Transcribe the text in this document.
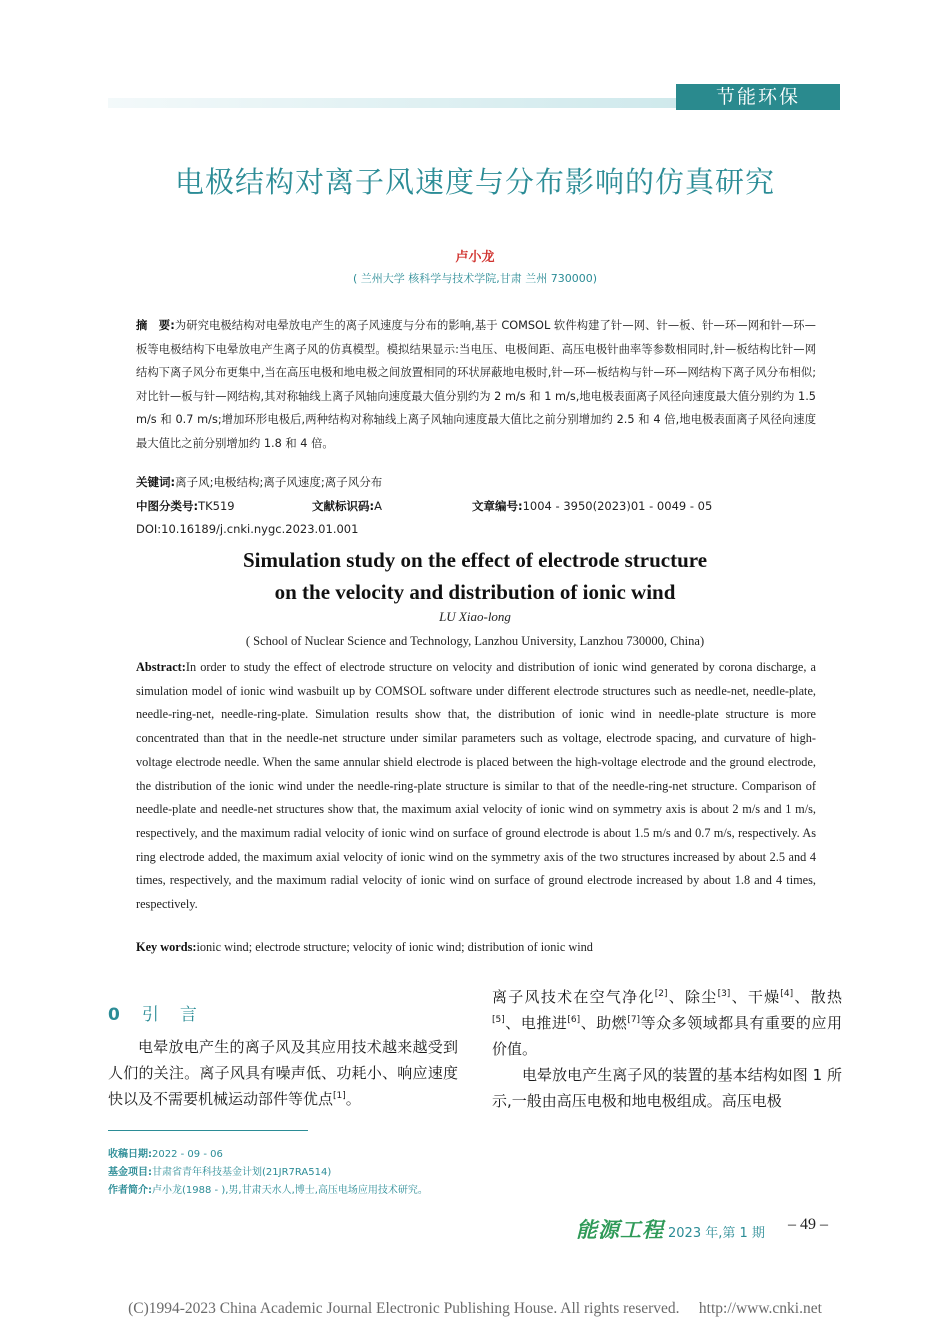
节能环保
电极结构对离子风速度与分布影响的仿真研究
卢小龙
( 兰州大学 核科学与技术学院,甘肃 兰州 730000)
摘　要:为研究电极结构对电晕放电产生的离子风速度与分布的影响,基于 COMSOL 软件构建了针—网、针—板、针—环—网和针—环—板等电极结构下电晕放电产生离子风的仿真模型。模拟结果显示:当电压、电极间距、高压电极针曲率等参数相同时,针—板结构比针—网结构下离子风分布更集中,当在高压电极和地电极之间放置相同的环状屏蔽地电极时,针—环—板结构与针—环—网结构下离子风分布相似;对比针—板与针—网结构,其对称轴线上离子风轴向速度最大值分别约为 2 m/s 和 1 m/s,地电极表面离子风径向速度最大值分别约为 1.5 m/s 和 0.7 m/s;增加环形电极后,两种结构对称轴线上离子风轴向速度最大值比之前分别增加约 2.5 和 4 倍,地电极表面离子风径向速度最大值比之前分别增加约 1.8 和 4 倍。
关键词:离子风;电极结构;离子风速度;离子风分布
中图分类号:TK519	文献标识码:A	文章编号:1004 - 3950(2023)01 - 0049 - 05
DOI:10.16189/j.cnki.nygc.2023.01.001
Simulation study on the effect of electrode structure
on the velocity and distribution of ionic wind
LU Xiao-long
( School of Nuclear Science and Technology, Lanzhou University, Lanzhou 730000, China)
Abstract:In order to study the effect of electrode structure on velocity and distribution of ionic wind generated by corona discharge, a simulation model of ionic wind wasbuilt up by COMSOL software under different electrode structures such as needle-net, needle-plate, needle-ring-net, needle-ring-plate. Simulation results show that, the distribution of ionic wind in needle-plate structure is more concentrated than that in the needle-net structure under similar parameters such as voltage, electrode spacing, and curvature of high-voltage electrode needle. When the same annular shield electrode is placed between the high-voltage electrode and the ground electrode, the distribution of the ionic wind under the needle-ring-plate structure is similar to that of the needle-ring-net structure. Comparison of needle-plate and needle-net structures show that, the maximum axial velocity of ionic wind on symmetry axis is about 2 m/s and 1 m/s, respectively, and the maximum radial velocity of ionic wind on surface of ground electrode is about 1.5 m/s and 0.7 m/s, respectively. As ring electrode added, the maximum axial velocity of ionic wind on the symmetry axis of the two structures increased by about 2.5 and 4 times, respectively, and the maximum radial velocity of ionic wind on surface of ground electrode increased by about 1.8 and 4 times, respectively.
Key words:ionic wind; electrode structure; velocity of ionic wind; distribution of ionic wind
0 引　言

电晕放电产生的离子风及其应用技术越来越受到人们的关注。离子风具有噪声低、功耗小、响应速度快以及不需要机械运动部件等优点[1]。

离子风技术在空气净化[2]、除尘[3]、干燥[4]、散热[5]、电推进[6]、助燃[7]等众多领域都具有重要的应用价值。

电晕放电产生离子风的装置的基本结构如图 1 所示,一般由高压电极和地电极组成。高压电极

收稿日期:2022 - 09 - 06
基金项目:甘肃省青年科技基金计划(21JR7RA514)
作者简介:卢小龙(1988 - ),男,甘肃天水人,博士,高压电场应用技术研究。
能源工程 2023 年,第 1 期
– 49 –
(C)1994-2023 China Academic Journal Electronic Publishing House. All rights reserved.　 http://www.cnki.net
